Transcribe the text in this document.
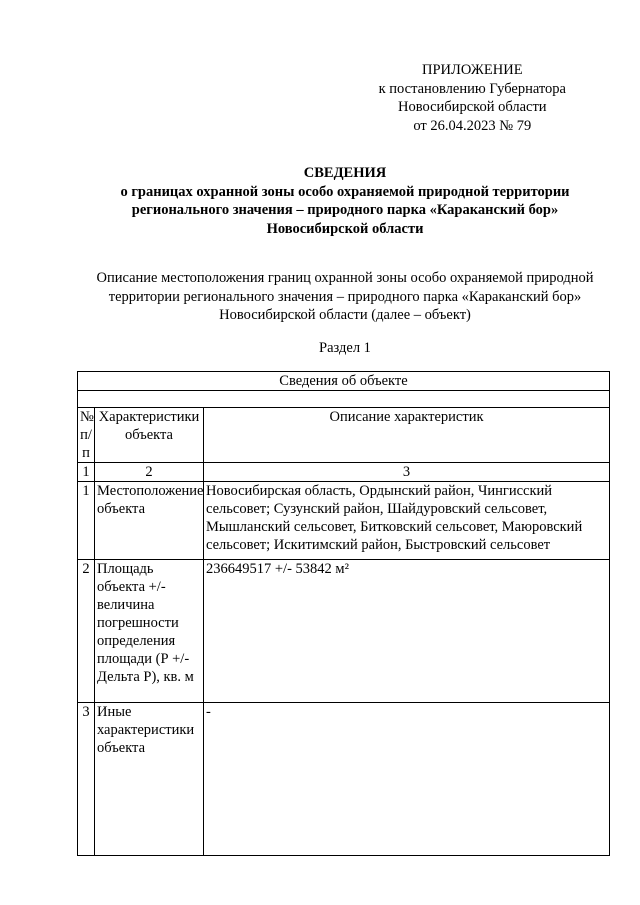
ПРИЛОЖЕНИЕ
к постановлению Губернатора
Новосибирской области
от 26.04.2023 № 79
СВЕДЕНИЯ
о границах охранной зоны особо охраняемой природной территории
регионального значения – природного парка «Караканский бор»
Новосибирской области
Описание местоположения границ охранной зоны особо охраняемой природной
территории регионального значения – природного парка «Караканский бор»
Новосибирской области (далее – объект)
Раздел 1
Сведения об объекте		

№ п/п	Характеристики объекта	Описание характеристик
1	2	3
1	Местоположение объекта	Новосибирская область, Ордынский район, Чингисский сельсовет; Сузунский район, Шайдуровский сельсовет, Мышланский сельсовет, Битковский сельсовет, Маюровский сельсовет; Искитимский район, Быстровский сельсовет
2	Площадь объекта +/- величина погрешности определения площади (Р +/- Дельта Р), кв. м	236649517 +/- 53842 м²
3	Иные характеристики объекта	-
